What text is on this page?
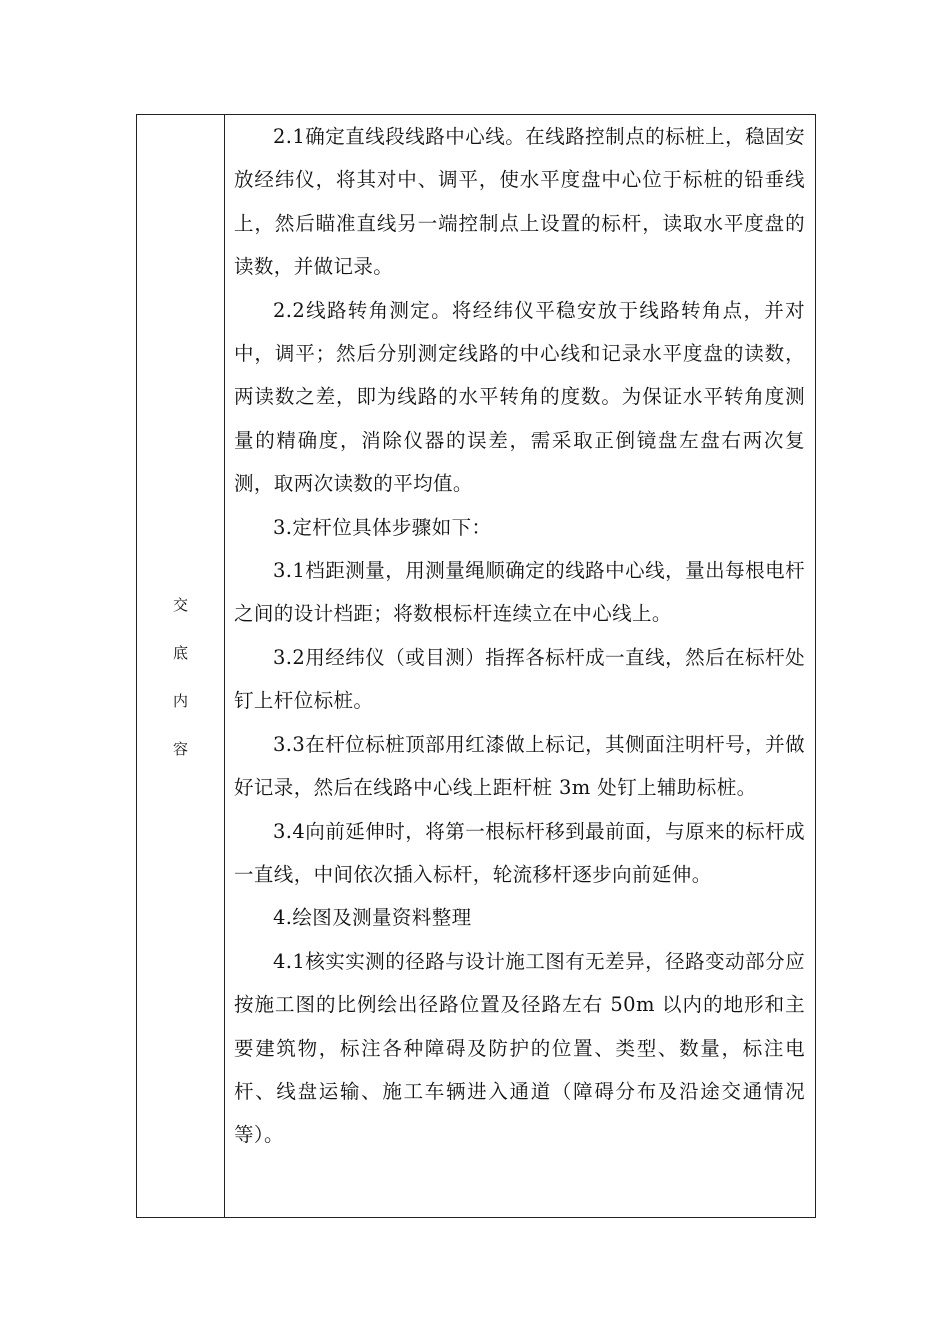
交
底
内
容

2.1确定直线段线路中心线。在线路控制点的标桩上，稳固安放经纬仪，将其对中、调平，使水平度盘中心位于标桩的铅垂线上，然后瞄准直线另一端控制点上设置的标杆，读取水平度盘的读数，并做记录。

2.2线路转角测定。将经纬仪平稳安放于线路转角点，并对中，调平；然后分别测定线路的中心线和记录水平度盘的读数，两读数之差，即为线路的水平转角的度数。为保证水平转角度测量的精确度，消除仪器的误差，需采取正倒镜盘左盘右两次复测，取两次读数的平均值。

3.定杆位具体步骤如下：

3.1档距测量，用测量绳顺确定的线路中心线，量出每根电杆之间的设计档距；将数根标杆连续立在中心线上。

3.2用经纬仪（或目测）指挥各标杆成一直线，然后在标杆处钉上杆位标桩。

3.3在杆位标桩顶部用红漆做上标记，其侧面注明杆号，并做好记录，然后在线路中心线上距杆桩 3m 处钉上辅助标桩。

3.4向前延伸时，将第一根标杆移到最前面，与原来的标杆成一直线，中间依次插入标杆，轮流移杆逐步向前延伸。

4.绘图及测量资料整理

4.1核实实测的径路与设计施工图有无差异，径路变动部分应按施工图的比例绘出径路位置及径路左右 50m 以内的地形和主要建筑物，标注各种障碍及防护的位置、类型、数量，标注电杆、线盘运输、施工车辆进入通道（障碍分布及沿途交通情况等）。
